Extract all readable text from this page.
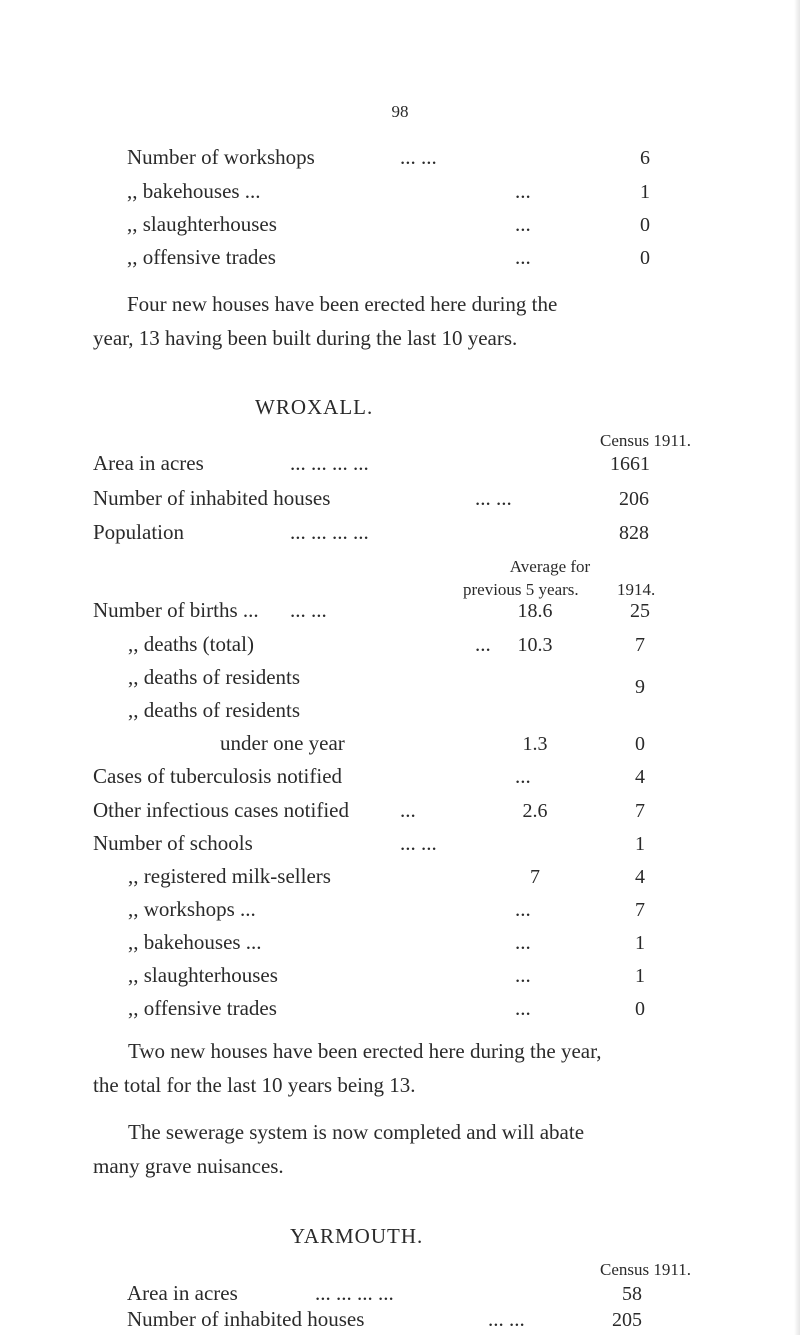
98
Number of workshops	... ...	6
,, bakehouses ...	...	1
,, slaughterhouses	...	0
,, offensive trades	...	0
Four new houses have been erected here during the
year, 13 having been built during the last 10 years.
WROXALL.
Census 1911.
Area in acres	... ... ... ...	1661
Number of inhabited houses	... ...	206
Population	... ... ... ...	828
Average for
previous 5 years. 1914.
Number of births ... ... ...	18.6	25
,, deaths (total)	...	10.3	7
,, deaths of residents	9
,, deaths of residents
under one year	1.3	0
Cases of tuberculosis notified	...	4
Other infectious cases notified ...	2.6	7
Number of schools	... ...	1
,, registered milk-sellers	7	4
,, workshops ...	...	7
,, bakehouses ...	...	1
,, slaughterhouses	...	1
,, offensive trades	...	0
Two new houses have been erected here during the year,
the total for the last 10 years being 13.
The sewerage system is now completed and will abate
many grave nuisances.
YARMOUTH.
Census 1911.
Area in acres	... ... ... ...	58
Number of inhabited houses	... ...	205
